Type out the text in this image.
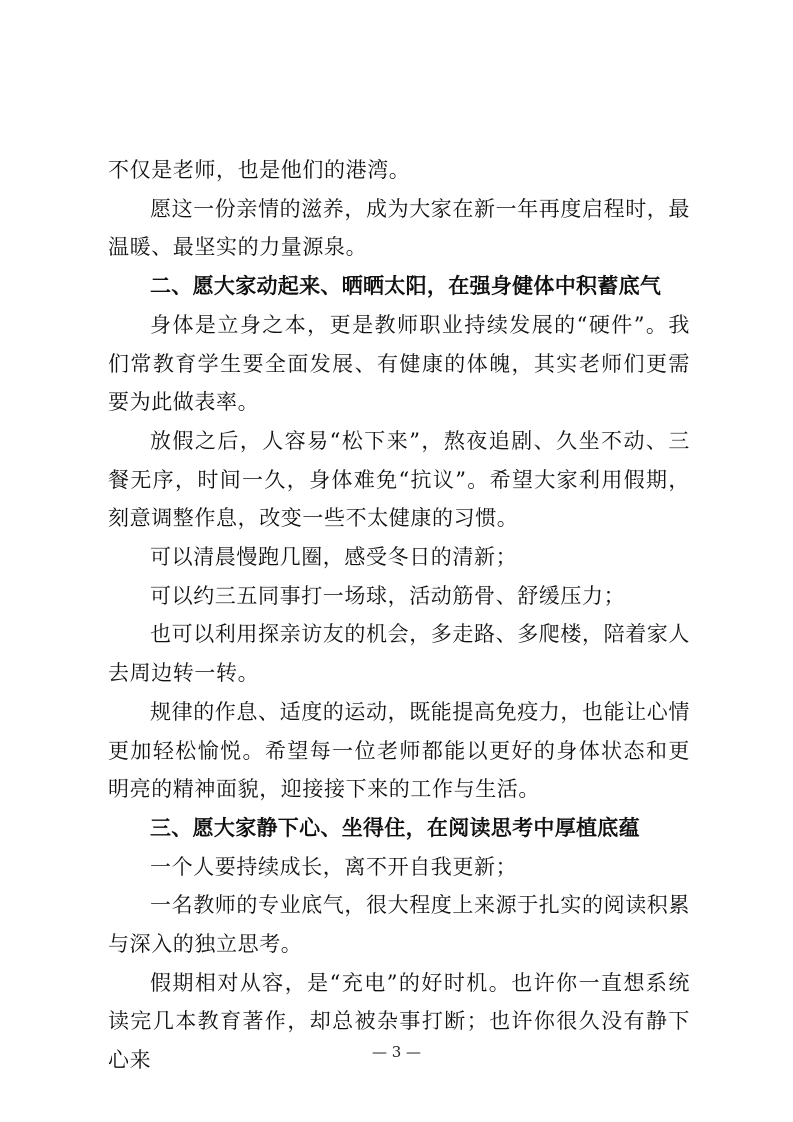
不仅是老师，也是他们的港湾。

愿这一份亲情的滋养，成为大家在新一年再度启程时，最温暖、最坚实的力量源泉。

二、愿大家动起来、晒晒太阳，在强身健体中积蓄底气

身体是立身之本，更是教师职业持续发展的“硬件”。我们常教育学生要全面发展、有健康的体魄，其实老师们更需要为此做表率。

放假之后，人容易“松下来”，熬夜追剧、久坐不动、三餐无序，时间一久，身体难免“抗议”。希望大家利用假期，刻意调整作息，改变一些不太健康的习惯。

可以清晨慢跑几圈，感受冬日的清新；

可以约三五同事打一场球，活动筋骨、舒缓压力；

也可以利用探亲访友的机会，多走路、多爬楼，陪着家人去周边转一转。

规律的作息、适度的运动，既能提高免疫力，也能让心情更加轻松愉悦。希望每一位老师都能以更好的身体状态和更明亮的精神面貌，迎接接下来的工作与生活。

三、愿大家静下心、坐得住，在阅读思考中厚植底蕴

一个人要持续成长，离不开自我更新；

一名教师的专业底气，很大程度上来源于扎实的阅读积累与深入的独立思考。

假期相对从容，是“充电”的好时机。也许你一直想系统读完几本教育著作，却总被杂事打断；也许你很久没有静下心来	— 3 —
